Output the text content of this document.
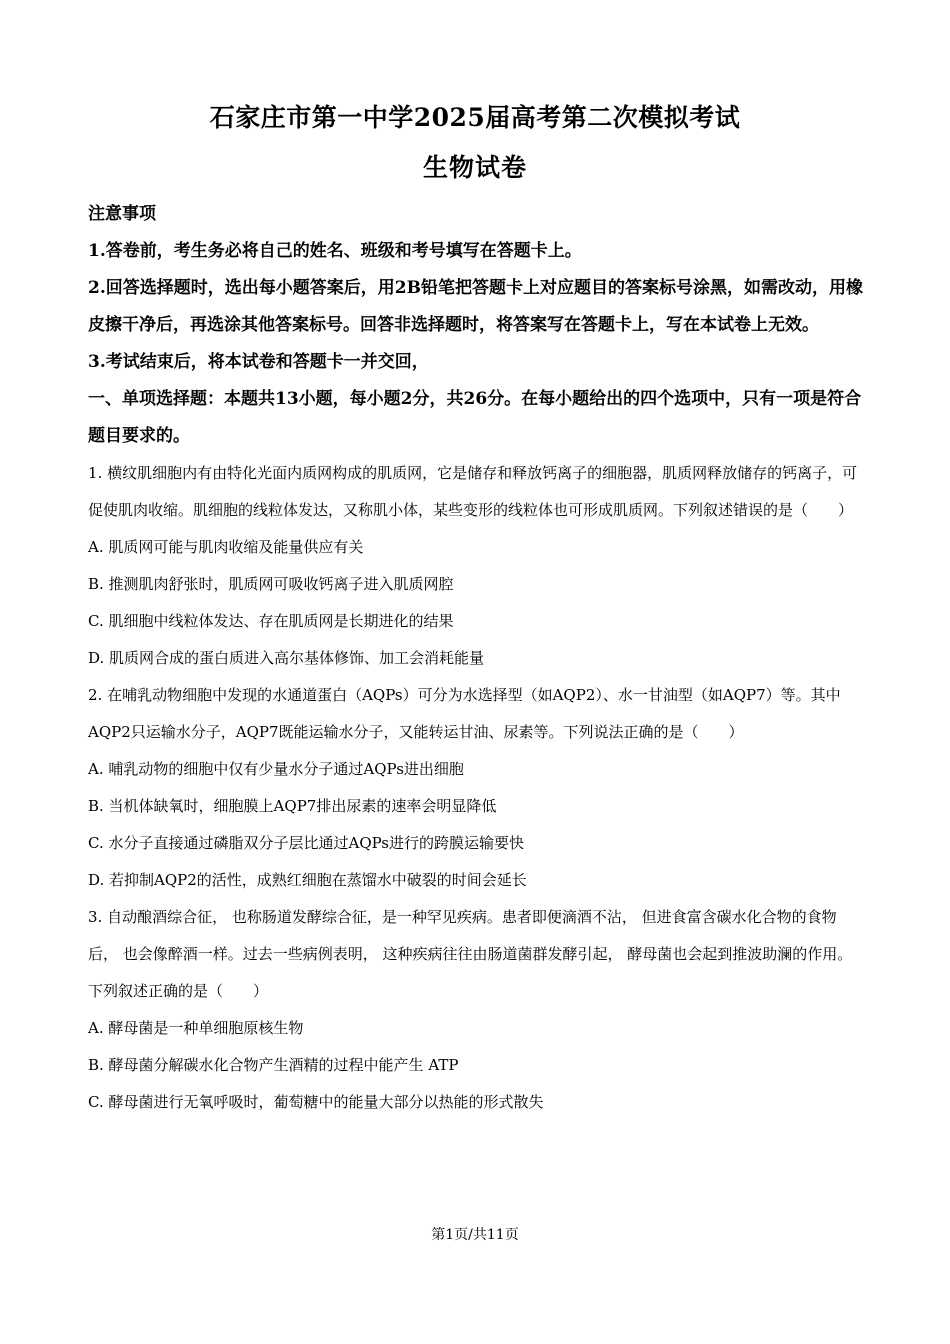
石家庄市第一中学2025届高考第二次模拟考试
生物试卷
注意事项
1.答卷前，考生务必将自己的姓名、班级和考号填写在答题卡上。
2.回答选择题时，选出每小题答案后，用2B铅笔把答题卡上对应题目的答案标号涂黑，如需改动，用橡皮擦干净后，再选涂其他答案标号。回答非选择题时，将答案写在答题卡上，写在本试卷上无效。
3.考试结束后，将本试卷和答题卡一并交回，
一、单项选择题：本题共13小题，每小题2分，共26分。在每小题给出的四个选项中，只有一项是符合题目要求的。
1. 横纹肌细胞内有由特化光面内质网构成的肌质网，它是储存和释放钙离子的细胞器，肌质网释放储存的钙离子，可促使肌肉收缩。肌细胞的线粒体发达，又称肌小体，某些变形的线粒体也可形成肌质网。下列叙述错误的是（　　）
A. 肌质网可能与肌肉收缩及能量供应有关
B. 推测肌肉舒张时，肌质网可吸收钙离子进入肌质网腔
C. 肌细胞中线粒体发达、存在肌质网是长期进化的结果
D. 肌质网合成的蛋白质进入高尔基体修饰、加工会消耗能量
2. 在哺乳动物细胞中发现的水通道蛋白（AQPs）可分为水选择型（如AQP2）、水一甘油型（如AQP7）等。其中AQP2只运输水分子，AQP7既能运输水分子，又能转运甘油、尿素等。下列说法正确的是（　　）
A. 哺乳动物的细胞中仅有少量水分子通过AQPs进出细胞
B. 当机体缺氧时，细胞膜上AQP7排出尿素的速率会明显降低
C. 水分子直接通过磷脂双分子层比通过AQPs进行的跨膜运输要快
D. 若抑制AQP2的活性，成熟红细胞在蒸馏水中破裂的时间会延长
3. 自动酿酒综合征， 也称肠道发酵综合征，是一种罕见疾病。患者即便滴酒不沾， 但进食富含碳水化合物的食物后， 也会像醉酒一样。过去一些病例表明， 这种疾病往往由肠道菌群发酵引起， 酵母菌也会起到推波助澜的作用。下列叙述正确的是（　　）
A. 酵母菌是一种单细胞原核生物
B. 酵母菌分解碳水化合物产生酒精的过程中能产生 ATP
C. 酵母菌进行无氧呼吸时，葡萄糖中的能量大部分以热能的形式散失
第1页/共11页
